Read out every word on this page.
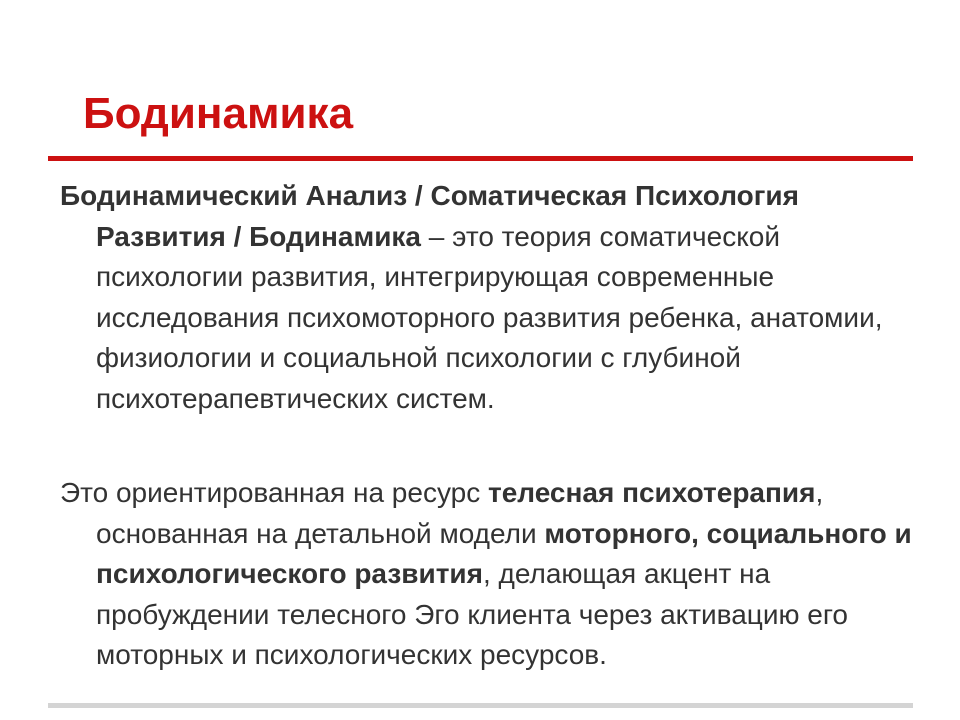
Бодинамика

Бодинамический Анализ / Соматическая Психология Развития / Бодинамика – это теория соматической психологии развития, интегрирующая современные исследования психомоторного развития ребенка, анатомии, физиологии и социальной психологии с глубиной психотерапевтических систем.

Это ориентированная на ресурс телесная психотерапия, основанная на детальной модели моторного, социального и психологического развития, делающая акцент на пробуждении телесного Эго клиента через активацию его моторных и психологических ресурсов.
